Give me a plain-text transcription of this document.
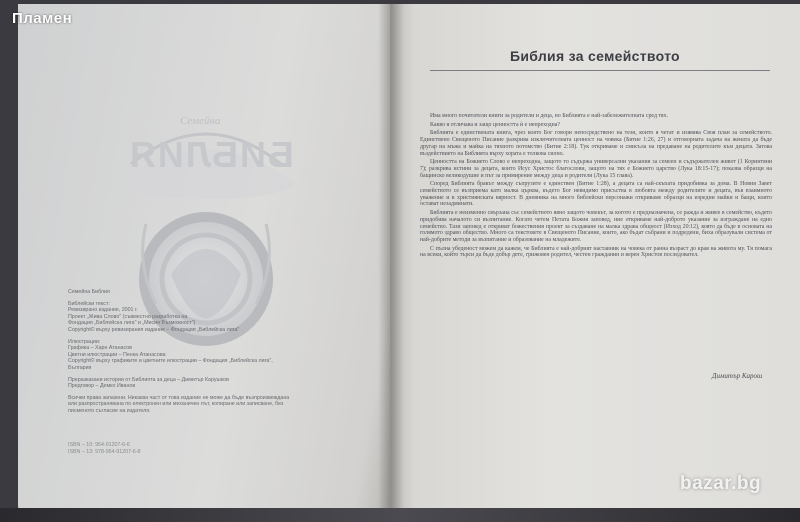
Семейна
БИБЛИЯ
Семейна Библия
Библейски текст:
Ревизирано издание, 2001 г.
Проект „Жива Слово" (съвместно разработка на
Фондация „Библейска лига" и „Мисия Възможност")
Copyright© върху ревизирания издание – Фондация „Библейска лига"
Илюстрации:
Графика – Харн Атанасов
Цветни илюстрации – Пенка Атанасова
Copyright© върху графиките и цветните илюстрации – Фондация „Библейска лига",
България
Преразказани истории от Библията за деца – Димитър Карушков
Предговор – Демко Иванов
Всички права запазени. Никаква част от това издание не може да бъде възпроизвеждана
или разпространявана по електронен или механичен път, копиране или записване, без
писменото съгласие на издателя.
ISBN – 10: 954-91207-6-6
ISBN – 13: 978-954-91207-6-8
Библия за семейството

Има много почитатели книги за родители и деца, но Библията е най-забележителната сред тях.

Какво я отличава и защо ценността ѝ е непреходна?

Библията е единствената книга, чрез която Бог говори непосредствено на тези, които я четат и изявява Своя план за семейството. Единствено Свещеното Писание разкрива изключителната ценност на човека (Битие 1:26, 27) и отговорната задача на жената да бъде другар на мъжа и майка на тяхното потомство (Битие 2:18). Тук откриваме и смисъла на предаване на родителите към децата. Затова въздействието на Библията върху хората е толкова силно.

Ценността на Божието Слово е непреходна, защото то съдържа универсални указания за семеен и съдържателен живот (1 Коринтяни 7); разкрива истини за децата, които Исус Христос благослови, защото на тях е Божието царство (Лука 18:15-17); показва образци на бащинско великодушие и път за примирение между деца и родители (Лука 15 глава).

Според Библията бракът между съпрузите е единствен (Битие 1:28), а децата са най-скъпата придобивка за дома. В Новия Завет семейството се възприема като малка църква, където Бог невидимо присъства в любовта между родителите и децата, във взаимното уважение и в християнската вярност. В дневника на много библейски персонажи откриваме образци на изредни майки и бащи, които остават незадминати.

Библията е неизменно свързана със семейството явно защото човекът, за когото е предназначена, се ражда и живее в семейство, където придобива началото си възпитание. Когато четем Петата Божия заповед, ние откриваме най-доброто указание за изграждане на едно семейство. Тази заповед е откриват божествения проект за създаване на малка здрава общност (Изход 20:12), която да бъде в основата на голямото здраво общество. Много са текстовете в Свещеното Писание, които, ако бъдат събрани и подредени, биха образували система от най-добрите методи за възпитание и образование на младежите.

С пълна убеденост можем да кажем, че Библията е най-добрият наставник на човека от ранна възраст до края на живота му. Тя помага на всеки, който търси да бъде добър дете, грижовен родител, честен гражданин и верен Христов последовател.

Димитър Карош
Пламен
bazar.bg
